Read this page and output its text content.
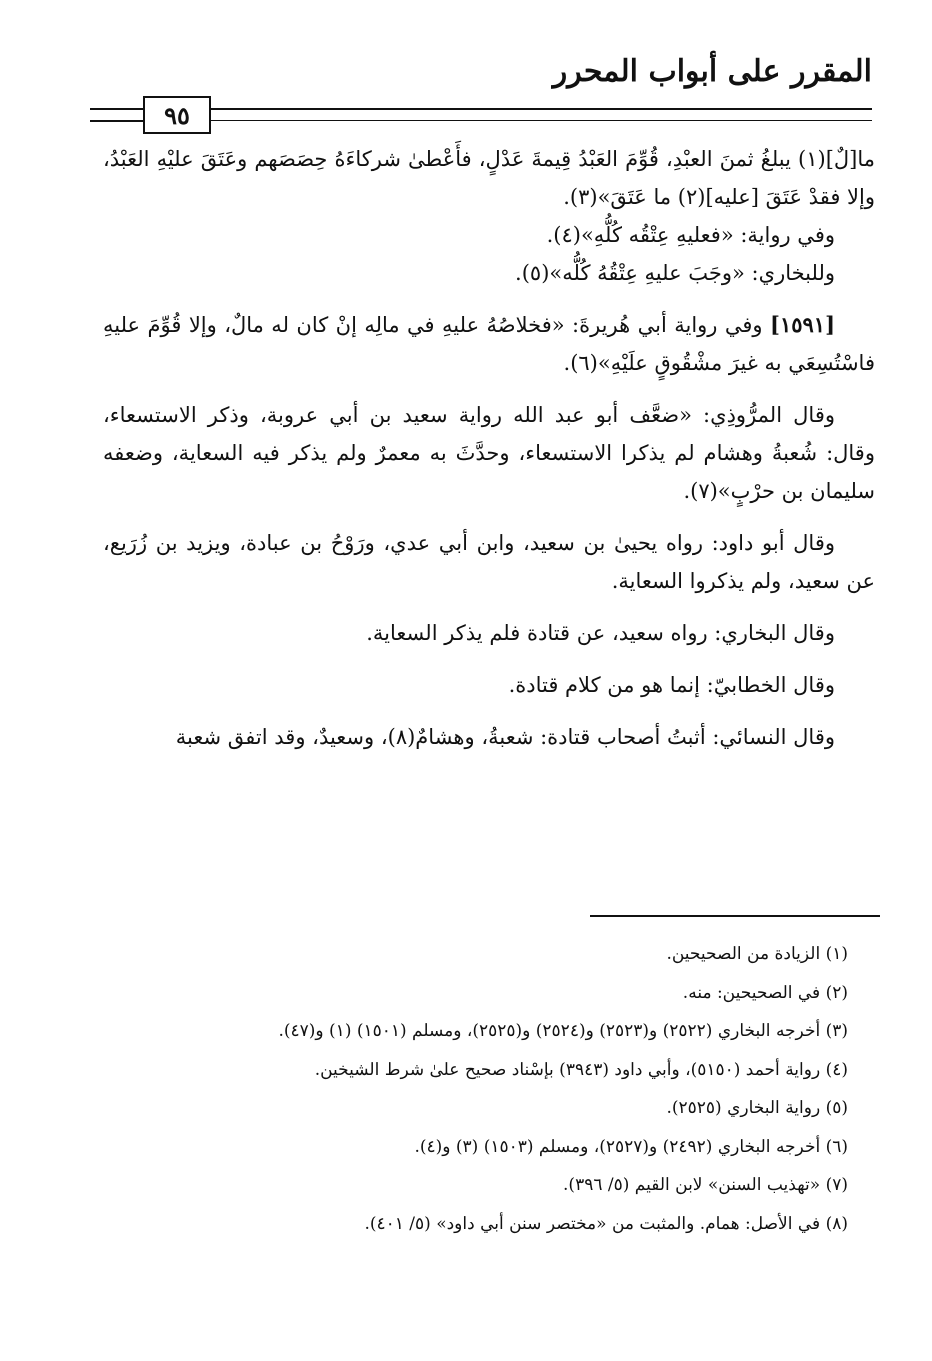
المقرر على أبواب المحرر
٩٥

ما[لٌ](١) يبلغُ ثمنَ العبْدِ، قُوِّمَ العَبْدُ قِيمةَ عَدْلٍ، فأَعْطىٰ شركاءَهُ حِصَصَهم وعَتَقَ عليْهِ العَبْدُ، وإلا فقدْ عَتَقَ [عليه](٢) ما عَتَقَ»(٣).

وفي رواية: «فعليهِ عِتْقُه كُلُّهِ»(٤).

وللبخاري: «وجَبَ عليهِ عِتْقُهُ كُلُّه»(٥).

[١٥٩١] وفي رواية أبي هُريرةَ: «فخلاصُهُ عليهِ في مالِه إنْ كان له مالٌ، وإلا قُوِّمَ عليهِ فاسْتُسِعَي به غيرَ مشْقُوقٍ علَيْهِ»(٦).

وقال المرُّوذِي: «ضعَّف أبو عبد الله رواية سعيد بن أبي عروبة، وذكر الاستسعاء، وقال: شُعبةُ وهشام لم يذكرا الاستسعاء، وحدَّثَ به معمرٌ ولم يذكر فيه السعاية، وضعفه سليمان بن حرْبٍ»(٧).

وقال أبو داود: رواه يحيىٰ بن سعيد، وابن أبي عدي، ورَوْحُ بن عبادة، ويزيد بن زُرَيع، عن سعيد، ولم يذكروا السعاية.

وقال البخاري: رواه سعيد، عن قتادة فلم يذكر السعاية.

وقال الخطابيّ: إنما هو من كلام قتادة.

وقال النسائي: أثبتُ أصحاب قتادة: شعبةُ، وهشامٌ(٨)، وسعيدٌ، وقد اتفق شعبة

(١) الزيادة من الصحيحين.

(٢) في الصحيحين: منه.

(٣) أخرجه البخاري (٢٥٢٢) و(٢٥٢٣) و(٢٥٢٤) و(٢٥٢٥)، ومسلم (١٥٠١) (١) و(٤٧).

(٤) رواية أحمد (٥١٥٠)، وأبي داود (٣٩٤٣) بإسْناد صحيح علىٰ شرط الشيخين.

(٥) رواية البخاري (٢٥٢٥).

(٦) أخرجه البخاري (٢٤٩٢) و(٢٥٢٧)، ومسلم (١٥٠٣) (٣) و(٤).

(٧) «تهذيب السنن» لابن القيم (٥/ ٣٩٦).

(٨) في الأصل: همام. والمثبت من «مختصر سنن أبي داود» (٥/ ٤٠١).
